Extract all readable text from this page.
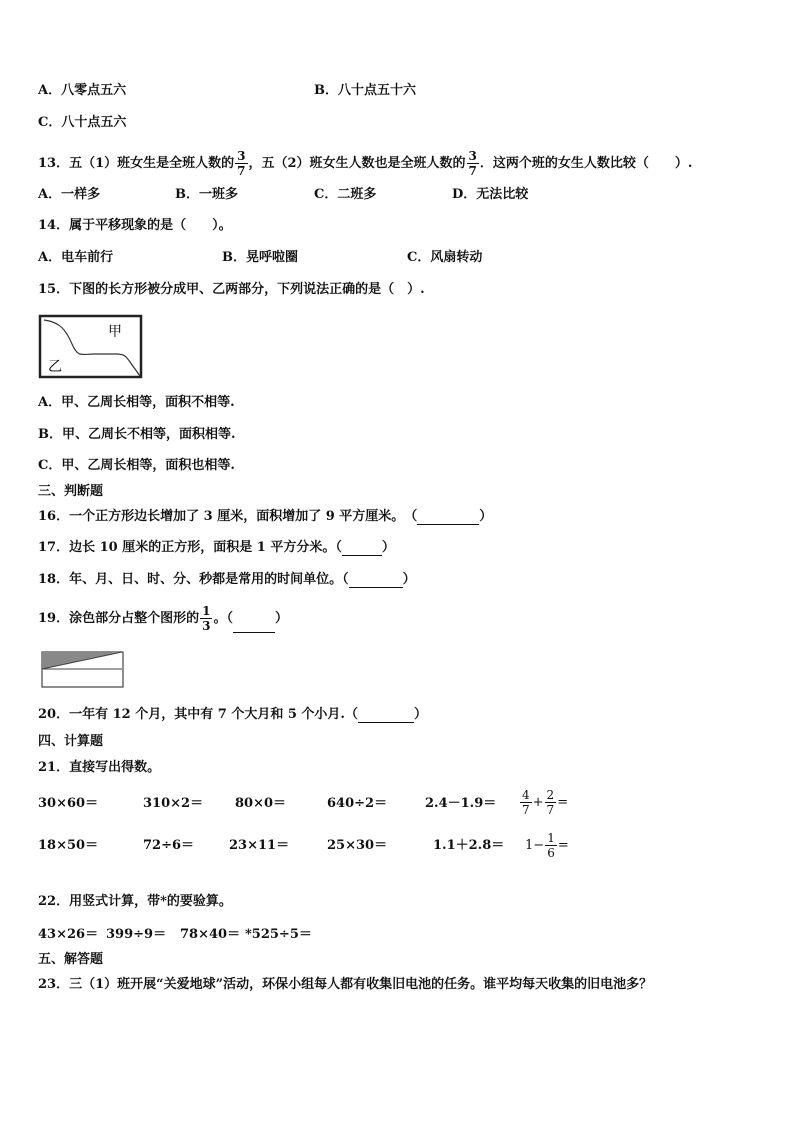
A．八零点五六	B．八十点五十六
C．八十点五六
13．五（1）班女生是全班人数的 $\frac{3}{7}$ ，五（2）班女生人数也是全班人数的 $\frac{3}{7}$ ．这两个班的女生人数比较（　　）.
A．一样多	B．一班多	C．二班多	D．无法比较
14．属于平移现象的是（　　）。
A．电车前行	B．晃呼啦圈	C．风扇转动
15．下图的长方形被分成甲、乙两部分，下列说法正确的是（　）.
甲
乙
A．甲、乙周长相等，面积不相等.
B．甲、乙周长不相等，面积相等.
C．甲、乙周长相等，面积也相等.
三、判断题
16．一个正方形边长增加了 3 厘米，面积增加了 9 平方厘米。　（	）
17．边长 10 厘米的正方形，面积是 1 平方分米。（	）
18．年、月、日、时、分、秒都是常用的时间单位。（	）
19．涂色部分占整个图形的 $\frac{1}{3}$ 。（	）
20．一年有 12 个月，其中有 7 个大月和 5 个小月.（	）
四、计算题
21．直接写出得数。
30×60＝	310×2＝ 80×0＝	640÷2＝	$2.4-1.9= \frac{4}{7} + \frac{2}{7}$ =
18×50＝	72÷6＝	23×11＝	25×30＝	$1.1+2.8= 1- \frac{1}{6}$ =
22．用竖式计算，带*的要验算。
43×26＝ 399÷9＝ 78×40＝ *525÷5＝
五、解答题
23．三（1）班开展“关爱地球”活动，环保小组每人都有收集旧电池的任务。谁平均每天收集的旧电池多？
